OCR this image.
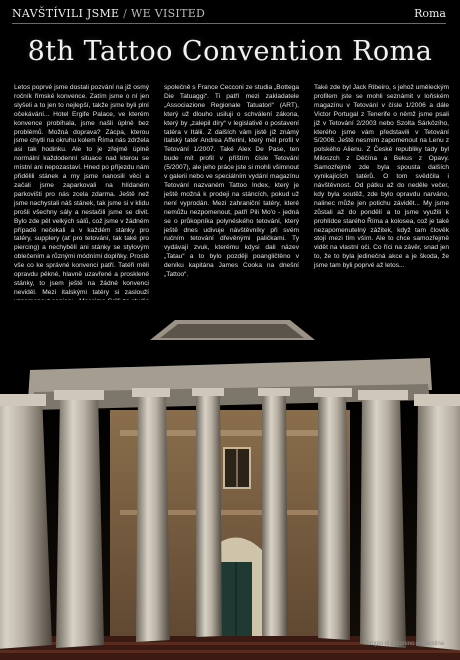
NAVŠTÍVILI JSME / WE VISITED	Roma
8th Tattoo Convention Roma
Letos poprvé jsme dostali pozvání na již osmý ročník římské konvence. Zatím jsme o ní jen slyšeli a to jen to nejlepší, takže jsme byli plní očekávání... Hotel Ergife Palace, ve kterém konvence probíhala, jsme našli úplně bez problémů. Možná doprava? Zácpa, kterou jsme chytli na okruhu kolem Říma nás zdržela asi tak hodinku. Ale to je zřejmě úplně normální každodenní situace nad kterou se místní ani nepozastaví. Hned po příjezdu nám přidělili stánek a my jsme nanosili věci a začali jsme zaparkovali na hlídaném parkovišti pro nás zcela zdarma. Ještě než jsme nachystali náš stánek, tak jsme si v klidu prošli všechny sály a nestačili jsme se divit. Bylo zde pět velkých sálů, což jsme v žádném případě nečekali a v každém stánky pro tatéry, supplery (ať pro tetování, tak také pro piercing) a nechybělí ani stánky se stylovým oblečením a různými módními doplňky. Prostě vše co ke správné konvenci patří. Tatéři měli opravdu pěkné, hlavně uzavřené a prosklené stánky, to jsem ještě na žádné konvenci neviděl. Mezi italskými tatéry si zaslouží
společně s France Cecconi ze studia „Bottega Die Tatuaggi“. Ti patří mezi zakladatele „Associazione Regionale Tatuatori“ (ART), který už dlouho usiluji o schválení zákona, který by „zalepil díry“ v legislativě o postavení tatéra v Itálii. Z dalších vám jistě již známý italský tatér Andrea Afferini, který měl profil v Tetování 1/2007. Také Alex De Pase, ten bude mít profil v příštím čísle Tetování (5/2007), ale jeho práce jste si mohli všimnout v galerii nebo ve speciálním vydání magazínu Tetování nazvaném Tattoo Index, který je ještě možná k prodeji na stáncích, pokud už není vyprodán. Mezi zahraniční tatéry, které nemůžu nezpomenout, patří Pili Mo'o - jedná se o průkopníka polynéského tetování, který ještě dnes udivuje návštěvníky při svém ručním tetování dřevěnými paličkami. Ty vydávají zvuk, kterému kdysi dali název „Tatau“ a to bylo později poangličtěno v deníku kapitána James Cooka na dnešní „Tattoo“.
Také zde byl Jack Ribeiro, s jehož uměleckým profilem jste se mohli seznámit v loňském magazínu v Tetování v čísle 1/2006 a dále Victor Portugal z Tenerife o němž jsme psali již v Tetování 2/2003 nebo Szolta Sárközího, kterého jsme vám představili v Tetování 5/2006. Ještě nesmím zapomenout na Lenu z polského Alienu. Z České republiky tady byl Miloszch z Děčína a Bekus z Opavy. Samozřejmě zde byla spousta dalších vynikajících tatérů. O tom svědčila i návštěvnost. Od pátku až do neděle večer, kdy byla soutěž, zde bylo opravdu narváno, nalinec může jen potichu závidět... My jsme zůstali až do pondělí a to jsme využili k prohlídce starého Říma a kolosea, což je také nezapomenutelný zážitek, když tam člověk stojí mezi tím vším. Ale to chce samozřejmě vidět na vlastní oči. Co říci na závěr, snad jen to, že to byla jedinečná akce a je škoda, že jsme tam byli poprvé až letos...
Tempio di Antonino e Faustina
